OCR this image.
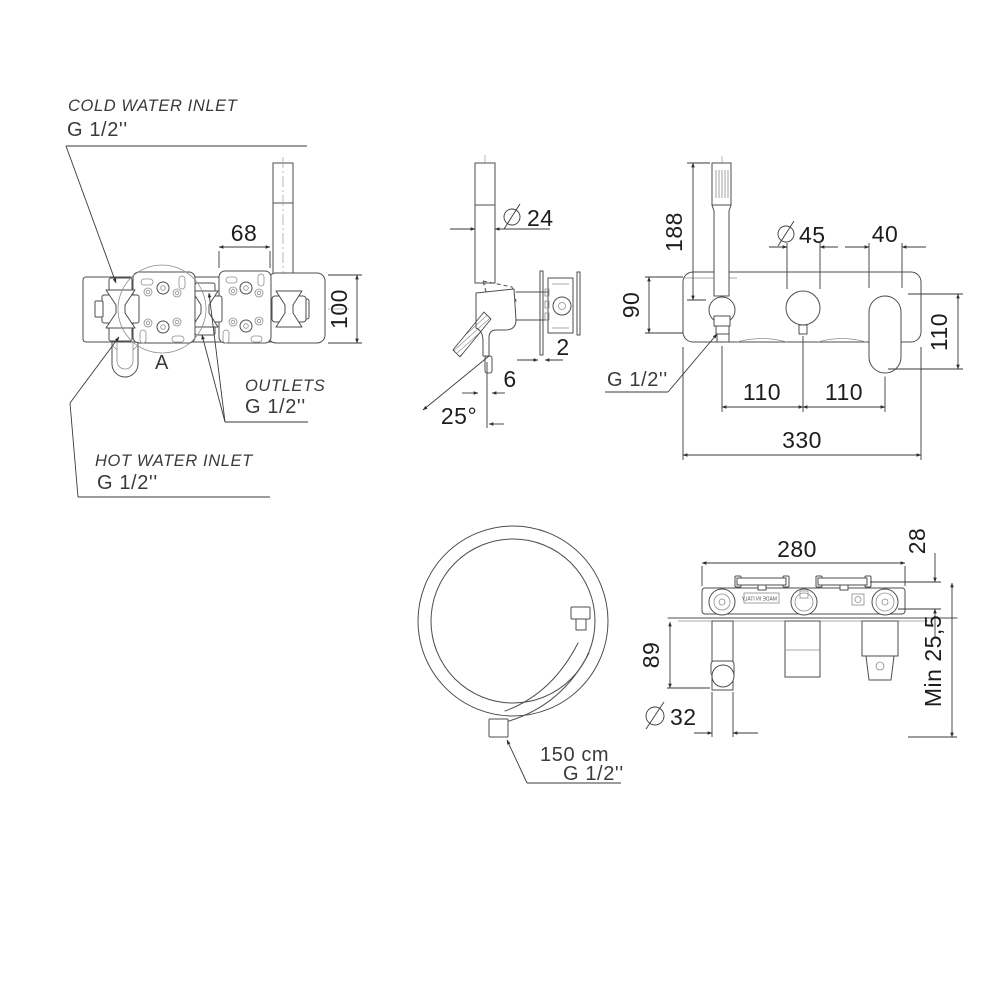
A
68
100
COLD WATER INLET
G 1/2''
OUTLETS
G 1/2''
HOT WATER INLET
G 1/2''
24
2
6
25°
188
90
45 40
110
110 110
330
G 1/2''
150 cm
G 1/2''
MADE IN ITALY
280	28
89
32
Min 25,5
